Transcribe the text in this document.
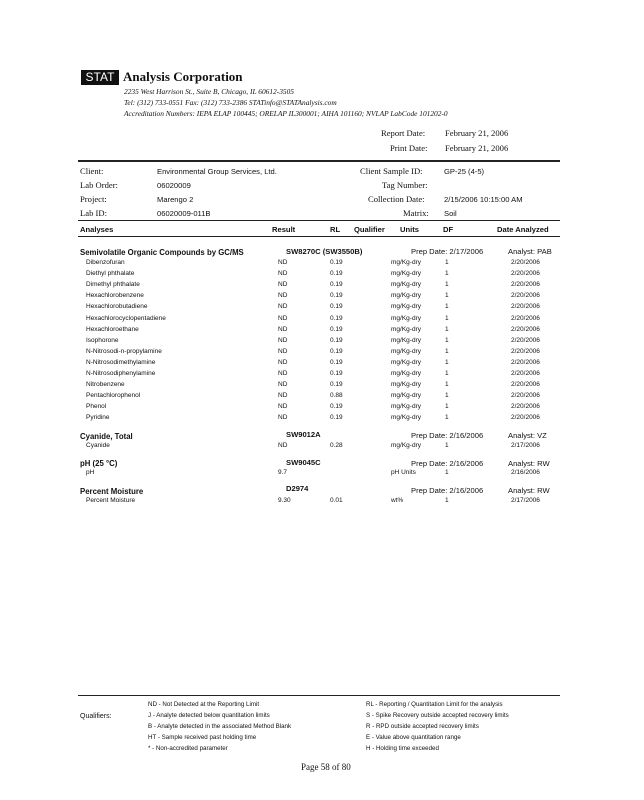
STAT Analysis Corporation
2235 West Harrison St., Suite B, Chicago, IL 60612-3505
Tel: (312) 733-0551 Fax: (312) 733-2386 STATinfo@STATAnalysis.com
Accreditation Numbers: IEPA ELAP 100445; ORELAP IL300001; AIHA 101160; NVLAP LabCode 101202-0
Report Date: February 21, 2006
Print Date: February 21, 2006
Client:	Environmental Group Services, Ltd.
Lab Order:	06020009
Project:	Marengo 2
Lab ID:	06020009-011B
Client Sample ID:	GP-25 (4-5)
Tag Number:
Collection Date:	2/15/2006 10:15:00 AM
Matrix: Soil
Analyses	Result	RL Qualifier Units	DF	Date Analyzed
Semivolatile Organic Compounds by GC/MS	SW8270C (SW3550B)	Prep Date: 2/17/2006	Analyst: PAB
Dibenzofuran	ND	0.19	mg/Kg-dry	1	2/20/2006
Diethyl phthalate	ND	0.19	mg/Kg-dry	1	2/20/2006
Dimethyl phthalate	ND	0.19	mg/Kg-dry	1	2/20/2006
Hexachlorobenzene	ND	0.19	mg/Kg-dry	1	2/20/2006
Hexachlorobutadiene	ND	0.19	mg/Kg-dry	1	2/20/2006
Hexachlorocyclopentadiene	ND	0.19	mg/Kg-dry	1	2/20/2006
Hexachloroethane	ND	0.19	mg/Kg-dry	1	2/20/2006
Isophorone	ND	0.19	mg/Kg-dry	1	2/20/2006
N-Nitrosodi-n-propylamine	ND	0.19	mg/Kg-dry	1	2/20/2006
N-Nitrosodimethylamine	ND	0.19	mg/Kg-dry	1	2/20/2006
N-Nitrosodiphenylamine	ND	0.19	mg/Kg-dry	1	2/20/2006
Nitrobenzene	ND	0.19	mg/Kg-dry	1	2/20/2006
Pentachlorophenol	ND	0.88	mg/Kg-dry	1	2/20/2006
Phenol	ND	0.19	mg/Kg-dry	1	2/20/2006
Pyridine	ND	0.19	mg/Kg-dry	1	2/20/2006
Cyanide, Total	SW9012A	Prep Date: 2/16/2006	Analyst: VZ
Cyanide	ND	0.28	mg/Kg-dry	1	2/17/2006
pH (25 °C)	SW9045C	Prep Date: 2/16/2006	Analyst: RW
pH	9.7	pH Units	1	2/16/2006
Percent Moisture	D2974	Prep Date: 2/16/2006	Analyst: RW
Percent Moisture	9.30	0.01	wt%	1	2/17/2006
Qualifiers:
ND - Not Detected at the Reporting Limit
J - Analyte detected below quantitation limits
B - Analyte detected in the associated Method Blank
HT - Sample received past holding time
* - Non-accredited parameter
RL - Reporting / Quantitation Limit for the analysis
S - Spike Recovery outside accepted recovery limits
R - RPD outside accepted recovery limits
E - Value above quantitation range
H - Holding time exceeded
Page 58 of 80
